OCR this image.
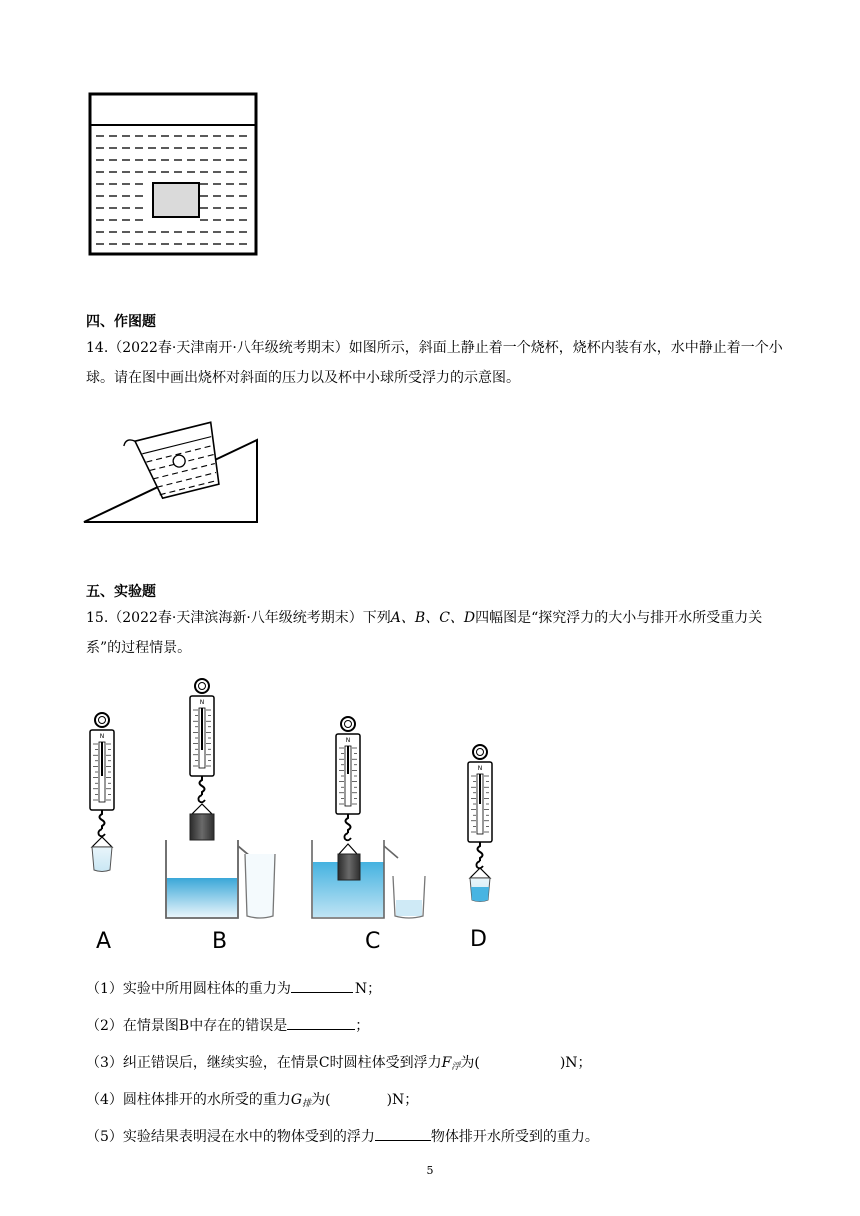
四、作图题
14.（2022春·天津南开·八年级统考期末）如图所示，斜面上静止着一个烧杯，烧杯内装有水，水中静止着一个小球。请在图中画出烧杯对斜面的压力以及杯中小球所受浮力的示意图。
五、实验题
15.（2022春·天津滨海新·八年级统考期末）下列A、B、C、D四幅图是“探究浮力的大小与排开水所受重力关系”的过程情景。
N
N
N
N
A	B	C	D
（1）实验中所用圆柱体的重力为	N；
（2）在情景图B中存在的错误是	；
（3）纠正错误后，继续实验，在情景C时圆柱体受到浮力$F_浮$为(	)N；
（4）圆柱体排开的水所受的重力$G_排$为(	)N；
（5）实验结果表明浸在水中的物体受到的浮力	物体排开水所受到的重力。
5
